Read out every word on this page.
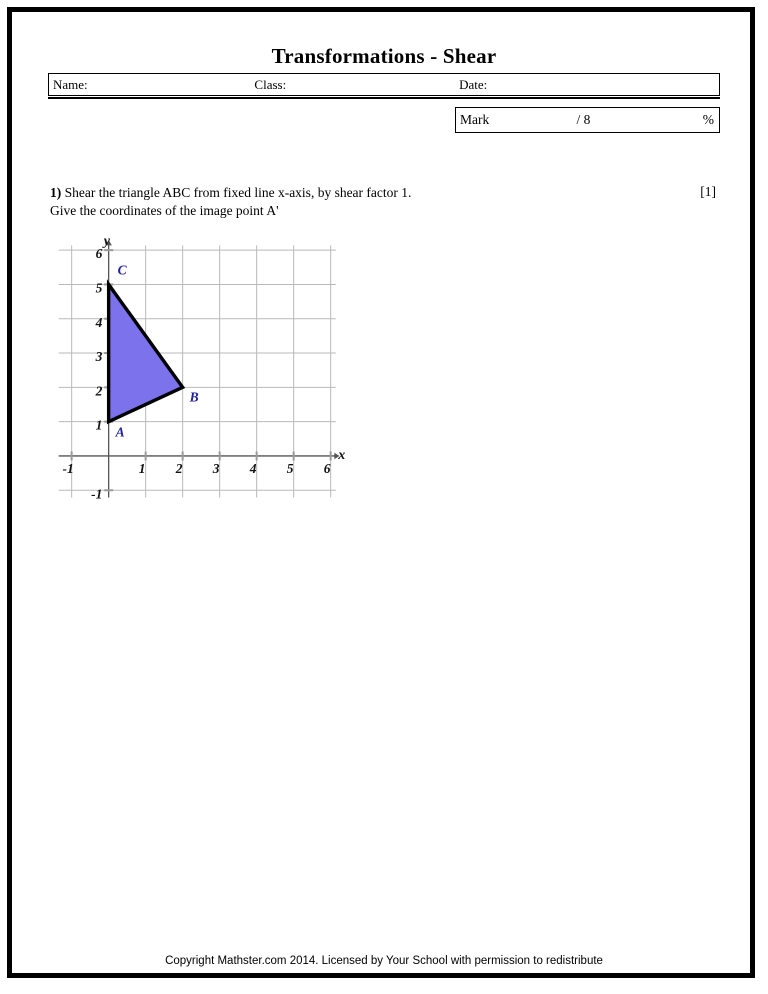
Transformations - Shear
Name:	Class:	Date:
Mark	/ 8	%
1) Shear the triangle ABC from fixed line x-axis, by shear factor 1.
Give the coordinates of the image point A'
[1]
-1	1 2 3 4 5 6
-1
1
2
3
4
5
6
A
B
C
x
y
Copyright Mathster.com 2014. Licensed by Your School with permission to redistribute
